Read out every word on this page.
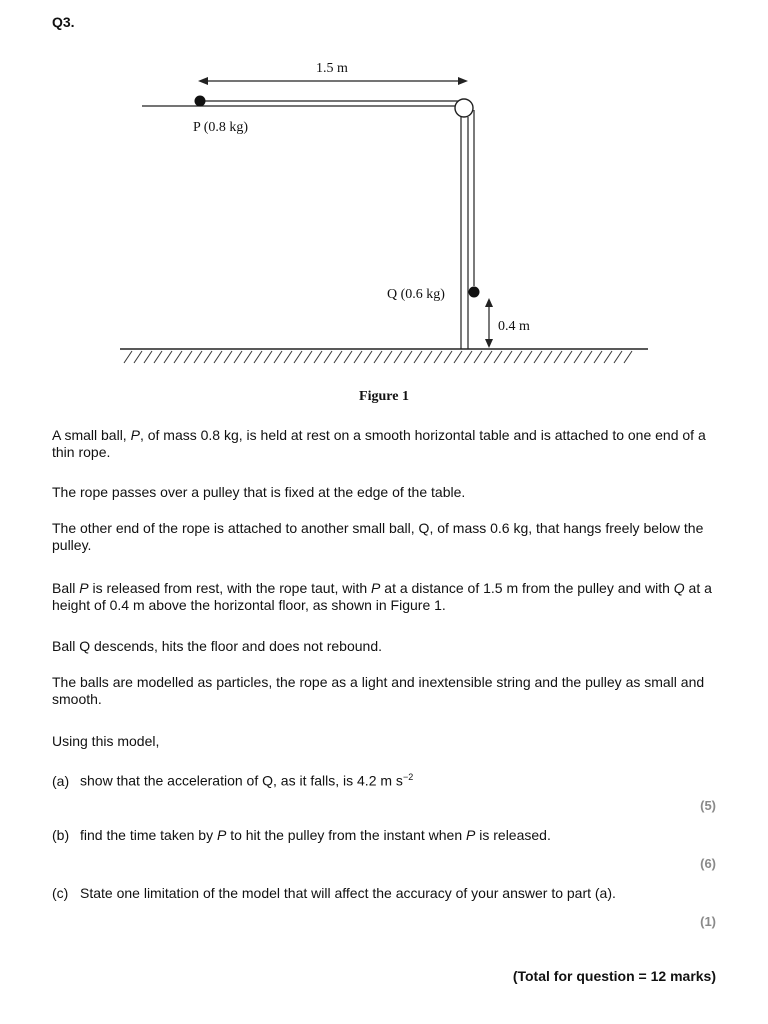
Q3.
1.5 m
P (0.8 kg)
Q (0.6 kg)
0.4 m
Figure 1
A small ball, P, of mass 0.8 kg, is held at rest on a smooth horizontal table and is attached to one end of a thin rope.
The rope passes over a pulley that is fixed at the edge of the table.
The other end of the rope is attached to another small ball, Q, of mass 0.6 kg, that hangs freely below the pulley.
Ball P is released from rest, with the rope taut, with P at a distance of 1.5 m from the pulley and with Q at a height of 0.4 m above the horizontal floor, as shown in Figure 1.
Ball Q descends, hits the floor and does not rebound.
The balls are modelled as particles, the rope as a light and inextensible string and the pulley as small and smooth.
Using this model,
(a) show that the acceleration of Q, as it falls, is 4.2 m $s^{-2}$
(5)
(b) find the time taken by P to hit the pulley from the instant when P is released.
(6)
(c) State one limitation of the model that will affect the accuracy of your answer to part (a).
(1)
(Total for question = 12 marks)
